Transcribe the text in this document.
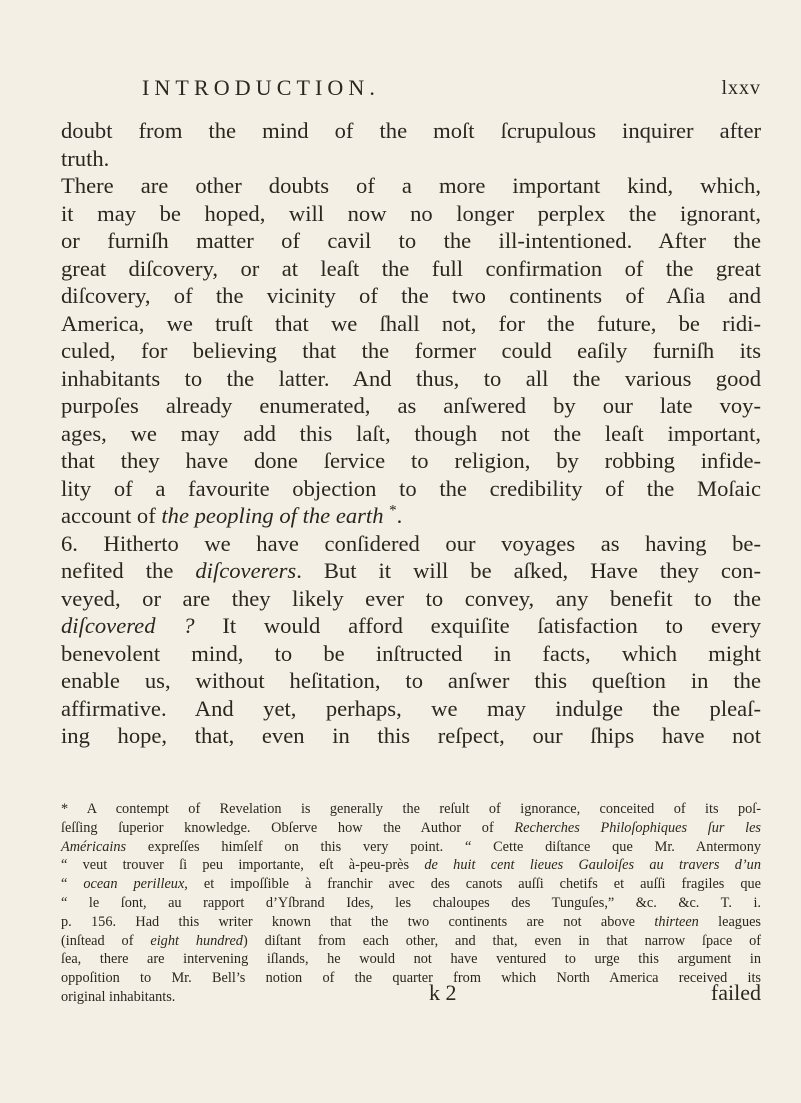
INTRODUCTION.	lxxv
doubt from the mind of the moſt ſcrupulous inquirer after
truth.
There are other doubts of a more important kind, which,
it may be hoped, will now no longer perplex the ignorant,
or furniſh matter of cavil to the ill-intentioned. After the
great diſcovery, or at leaſt the full confirmation of the great
diſcovery, of the vicinity of the two continents of Aſia and
America, we truſt that we ſhall not, for the future, be ridi-
culed, for believing that the former could eaſily furniſh its
inhabitants to the latter. And thus, to all the various good
purpoſes already enumerated, as anſwered by our late voy-
ages, we may add this laſt, though not the leaſt important,
that they have done ſervice to religion, by robbing infide-
lity of a favourite objection to the credibility of the Moſaic
account of the peopling of the earth *.
6. Hitherto we have conſidered our voyages as having be-
nefited the diſcoverers. But it will be aſked, Have they con-
veyed, or are they likely ever to convey, any benefit to the
diſcovered ? It would afford exquiſite ſatisfaction to every
benevolent mind, to be inſtructed in facts, which might
enable us, without heſitation, to anſwer this queſtion in the
affirmative. And yet, perhaps, we may indulge the pleaſ-
ing hope, that, even in this reſpect, our ſhips have not
* A contempt of Revelation is generally the reſult of ignorance, conceited of its poſ-
ſeſſing ſuperior knowledge. Obſerve how the Author of Recherches Philoſophiques ſur les
Américains expreſſes himſelf on this very point. “ Cette diſtance que Mr. Antermony
“ veut trouver ſi peu importante, eſt à-peu-près de huit cent lieues Gauloiſes au travers d’un
“ ocean perilleux, et impoſſible à franchir avec des canots auſſi chetifs et auſſi fragiles que
“ le ſont, au rapport d’Yſbrand Ides, les chaloupes des Tunguſes,” &c. &c. T. i.
p. 156. Had this writer known that the two continents are not above thirteen leagues
(inſtead of eight hundred) diſtant from each other, and that, even in that narrow ſpace of
ſea, there are intervening iſlands, he would not have ventured to urge this argument in
oppoſition to Mr. Bell’s notion of the quarter from which North America received its
original inhabitants.	k 2	failed
